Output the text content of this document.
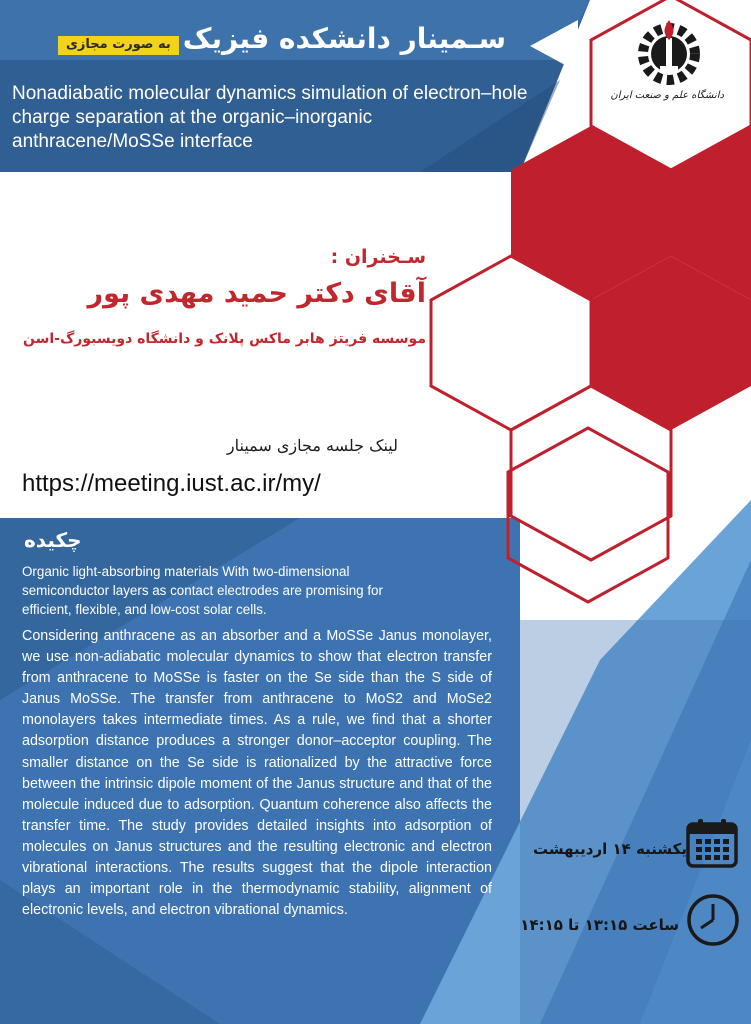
دانشگاه علم و صنعت ایران
سـمینار دانشکده فیزیک
به صورت مجازی
Nonadiabatic molecular dynamics simulation of electron–hole charge separation at the organic–inorganic anthracene/MoSSe interface
سـخنران :
آقای دکتر حمید مهدی پور
موسسه فریتز هابر ماکس پلانک و دانشگاه دویسبورگ-اسن
لینک جلسه مجازی سمینار
https://meeting.iust.ac.ir/my/
چکیده
Organic light-absorbing materials With two-dimensional semiconductor layers as contact electrodes are promising for efficient, flexible, and low-cost solar cells.
Considering anthracene as an absorber and a MoSSe Janus monolayer, we use non-adiabatic molecular dynamics to show that electron transfer from anthracene to MoSSe is faster on the Se side than the S side of Janus MoSSe. The transfer from anthracene to MoS2 and MoSe2 monolayers takes intermediate times. As a rule, we find that a shorter adsorption distance produces a stronger donor–acceptor coupling. The smaller distance on the Se side is rationalized by the attractive force between the intrinsic dipole moment of the Janus structure and that of the molecule induced due to adsorption. Quantum coherence also affects the transfer time. The study provides detailed insights into adsorption of molecules on Janus structures and the resulting electronic and electron vibrational interactions. The results suggest that the dipole interaction plays an important role in the thermodynamic stability, alignment of electronic levels, and electron vibrational dynamics.
یکشنبه ۱۴ اردیبهشت
ساعت ۱۳:۱۵ تا ۱۴:۱۵
